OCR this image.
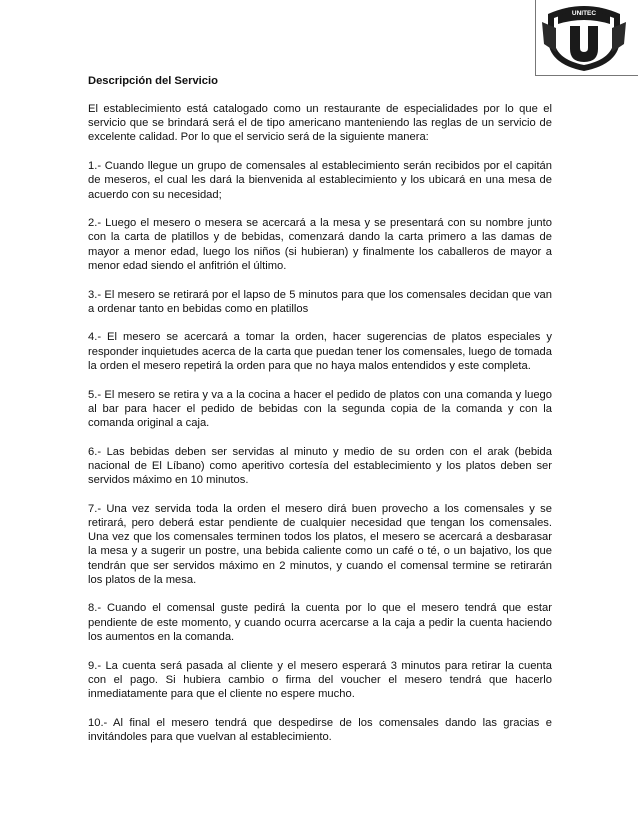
UNITEC
Descripción del Servicio

El establecimiento está catalogado como un restaurante de especialidades por lo que el servicio que se brindará será el de tipo americano manteniendo las reglas de un servicio de excelente calidad. Por lo que el servicio será de la siguiente manera:

1.- Cuando llegue un grupo de comensales al establecimiento serán recibidos por el capitán de meseros, el cual les dará la bienvenida al establecimiento y los ubicará en una mesa de acuerdo con su necesidad;

2.- Luego el mesero o mesera se acercará a la mesa y se presentará con su nombre junto con la carta de platillos y de bebidas, comenzará dando la carta primero a las damas de mayor a menor edad, luego los niños (si hubieran) y finalmente los caballeros de mayor a menor edad siendo el anfitrión el último.

3.- El mesero se retirará por el lapso de 5 minutos para que los comensales decidan que van a ordenar tanto en bebidas como en platillos

4.- El mesero se acercará a tomar la orden, hacer sugerencias de platos especiales y responder inquietudes acerca de la carta que puedan tener los comensales, luego de tomada la orden el mesero repetirá la orden para que no haya malos entendidos y este completa.

5.- El mesero se retira y va a la cocina a hacer el pedido de platos con una comanda y luego al bar para hacer el pedido de bebidas con la segunda copia de la comanda y con la comanda original a caja.

6.- Las bebidas deben ser servidas al minuto y medio de su orden con el arak (bebida nacional de El Líbano) como aperitivo cortesía del establecimiento y los platos deben ser servidos máximo en 10 minutos.

7.- Una vez servida toda la orden el mesero dirá buen provecho a los comensales y se retirará, pero deberá estar pendiente de cualquier necesidad que tengan los comensales. Una vez que los comensales terminen todos los platos, el mesero se acercará a desbarasar la mesa y a sugerir un postre, una bebida caliente como un café o té, o un bajativo, los que tendrán que ser servidos máximo en 2 minutos, y cuando el comensal termine se retirarán los platos de la mesa.

8.- Cuando el comensal guste pedirá la cuenta por lo que el mesero tendrá que estar pendiente de este momento, y cuando ocurra acercarse a la caja a pedir la cuenta haciendo los aumentos en la comanda.

9.- La cuenta será pasada al cliente y el mesero esperará 3 minutos para retirar la cuenta con el pago. Si hubiera cambio o firma del voucher el mesero tendrá que hacerlo inmediatamente para que el cliente no espere mucho.

10.- Al final el mesero tendrá que despedirse de los comensales dando las gracias e invitándoles para que vuelvan al establecimiento.
